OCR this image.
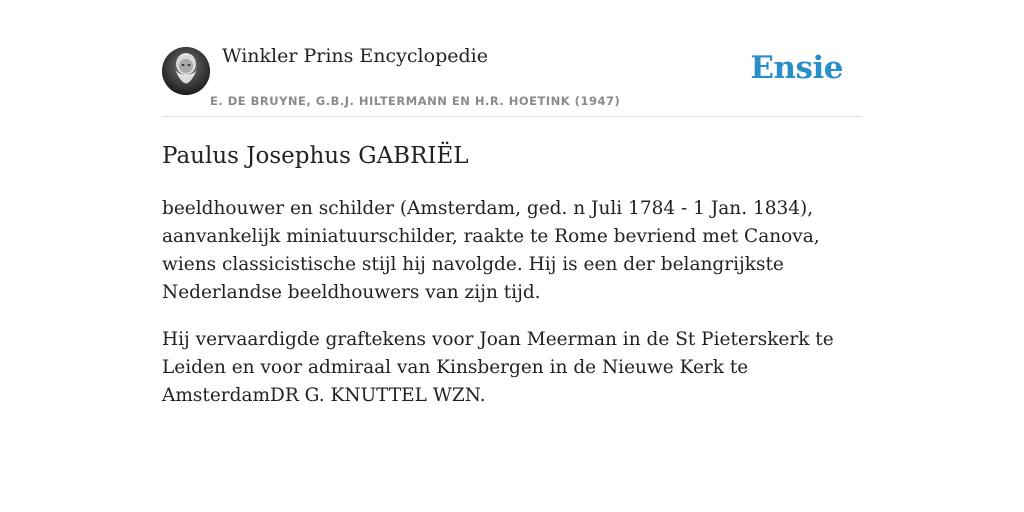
Winkler Prins Encyclopedie
E. DE BRUYNE, G.B.J. HILTERMANN EN H.R. HOETINK (1947)
Ensie
Paulus Josephus GABRIËL

beeldhouwer en schilder (Amsterdam, ged. n Juli 1784 - 1 Jan. 1834), aanvankelijk miniatuurschilder, raakte te Rome bevriend met Canova, wiens classicistische stijl hij navolgde. Hij is een der belangrijkste Nederlandse beeldhouwers van zijn tijd.

Hij vervaardigde graftekens voor Joan Meerman in de St Pieterskerk te Leiden en voor admiraal van Kinsbergen in de Nieuwe Kerk te AmsterdamDR G. KNUTTEL WZN.
